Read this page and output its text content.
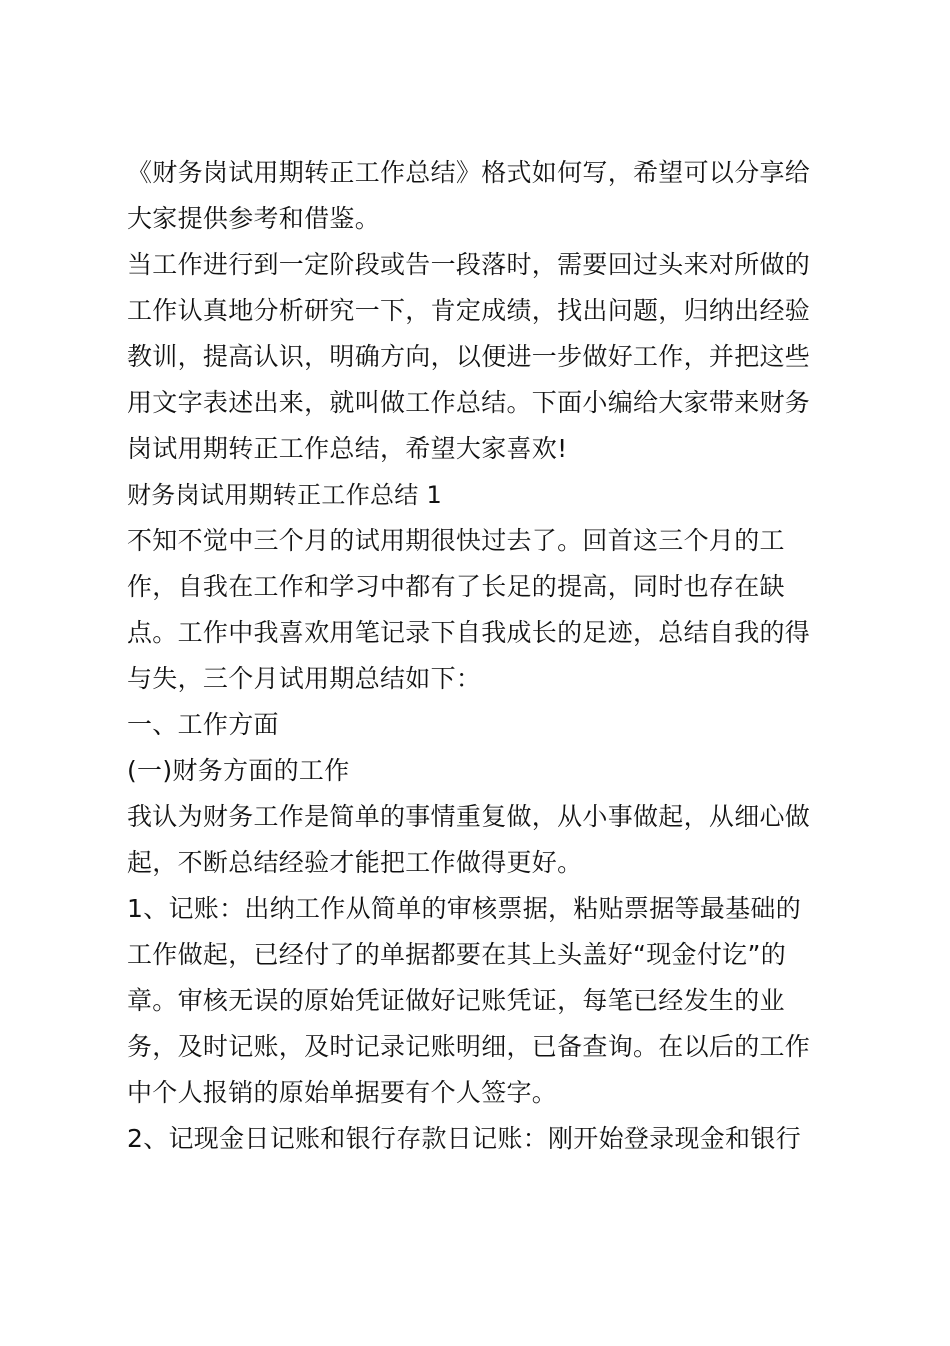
《财务岗试用期转正工作总结》格式如何写，希望可以分享给
大家提供参考和借鉴。
当工作进行到一定阶段或告一段落时，需要回过头来对所做的
工作认真地分析研究一下，肯定成绩，找出问题，归纳出经验
教训，提高认识，明确方向，以便进一步做好工作，并把这些
用文字表述出来，就叫做工作总结。下面小编给大家带来财务
岗试用期转正工作总结，希望大家喜欢!
财务岗试用期转正工作总结 1
不知不觉中三个月的试用期很快过去了。回首这三个月的工
作，自我在工作和学习中都有了长足的提高，同时也存在缺
点。工作中我喜欢用笔记录下自我成长的足迹，总结自我的得
与失，三个月试用期总结如下：
一、工作方面
(一)财务方面的工作
我认为财务工作是简单的事情重复做，从小事做起，从细心做
起，不断总结经验才能把工作做得更好。
1、记账：出纳工作从简单的审核票据，粘贴票据等最基础的
工作做起，已经付了的单据都要在其上头盖好“现金付讫”的
章。审核无误的原始凭证做好记账凭证，每笔已经发生的业
务，及时记账，及时记录记账明细，已备查询。在以后的工作
中个人报销的原始单据要有个人签字。
2、记现金日记账和银行存款日记账：刚开始登录现金和银行
